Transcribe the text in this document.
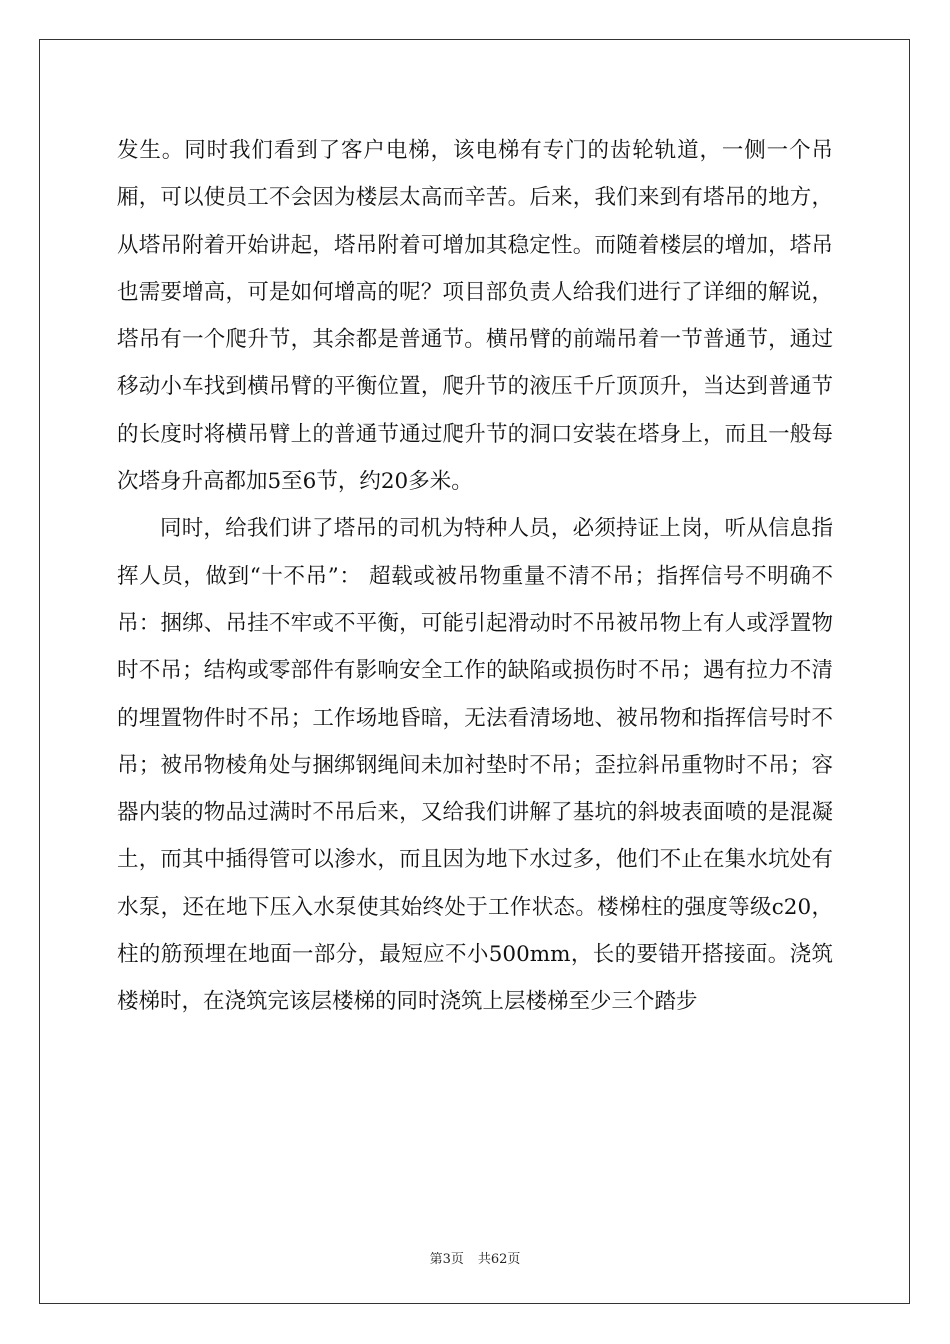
发生。同时我们看到了客户电梯，该电梯有专门的齿轮轨道，一侧一个吊厢，可以使员工不会因为楼层太高而辛苦。后来，我们来到有塔吊的地方，从塔吊附着开始讲起，塔吊附着可增加其稳定性。而随着楼层的增加，塔吊也需要增高，可是如何增高的呢？项目部负责人给我们进行了详细的解说，塔吊有一个爬升节，其余都是普通节。横吊臂的前端吊着一节普通节，通过移动小车找到横吊臂的平衡位置，爬升节的液压千斤顶顶升，当达到普通节的长度时将横吊臂上的普通节通过爬升节的洞口安装在塔身上，而且一般每次塔身升高都加5至6节，约20多米。

同时，给我们讲了塔吊的司机为特种人员，必须持证上岗，听从信息指挥人员，做到“十不吊”： 超载或被吊物重量不清不吊；指挥信号不明确不吊：捆绑、吊挂不牢或不平衡，可能引起滑动时不吊被吊物上有人或浮置物时不吊；结构或零部件有影响安全工作的缺陷或损伤时不吊；遇有拉力不清的埋置物件时不吊；工作场地昏暗，无法看清场地、被吊物和指挥信号时不吊；被吊物棱角处与捆绑钢绳间未加衬垫时不吊；歪拉斜吊重物时不吊；容器内装的物品过满时不吊后来，又给我们讲解了基坑的斜坡表面喷的是混凝土，而其中插得管可以渗水，而且因为地下水过多，他们不止在集水坑处有水泵，还在地下压入水泵使其始终处于工作状态。楼梯柱的强度等级c20，柱的筋预埋在地面一部分，最短应不小500mm，长的要错开搭接面。浇筑楼梯时，在浇筑完该层楼梯的同时浇筑上层楼梯至少三个踏步

第3页 共62页
